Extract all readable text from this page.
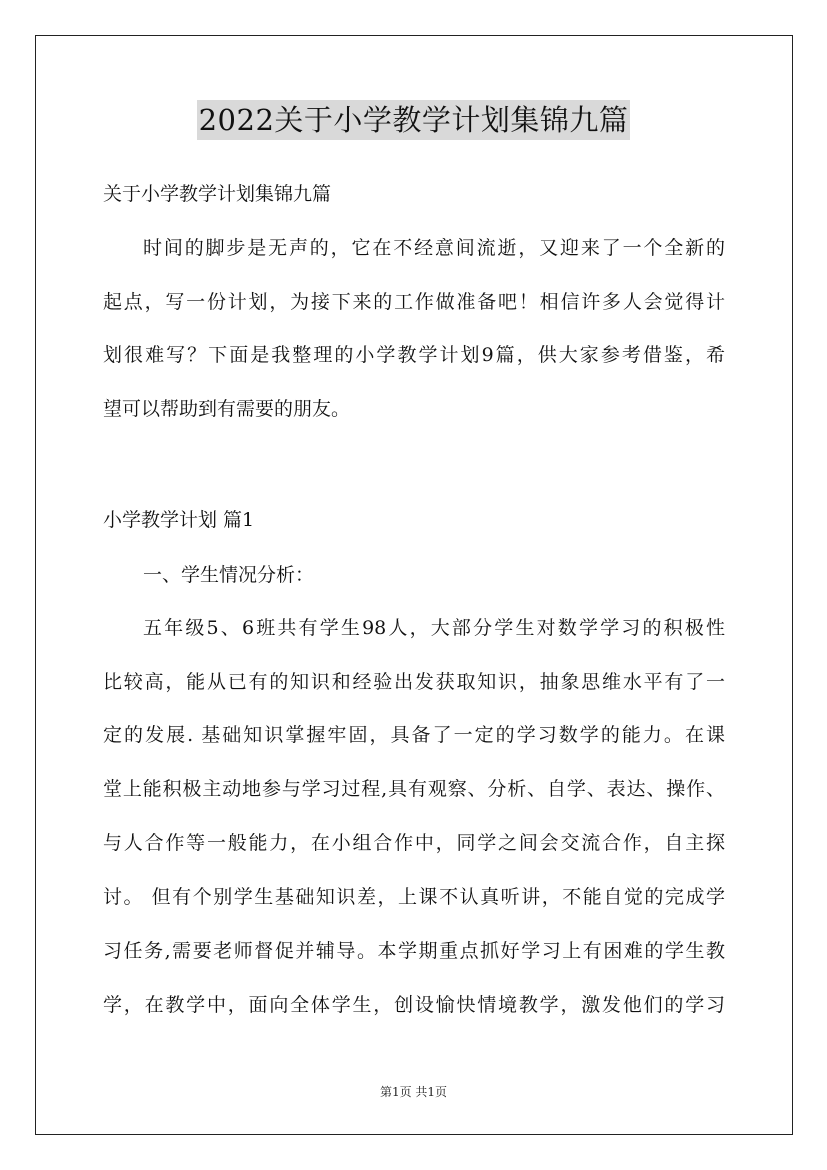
2022关于小学教学计划集锦九篇
关于小学教学计划集锦九篇
时间的脚步是无声的，它在不经意间流逝，又迎来了一个全新的
起点，写一份计划，为接下来的工作做准备吧！相信许多人会觉得计
划很难写？下面是我整理的小学教学计划9篇，供大家参考借鉴，希
望可以帮助到有需要的朋友。
小学教学计划 篇1
一、学生情况分析：
五年级5、6班共有学生98人，大部分学生对数学学习的积极性
比较高，能从已有的知识和经验出发获取知识，抽象思维水平有了一
定的发展. 基础知识掌握牢固，具备了一定的学习数学的能力。在课
堂上能积极主动地参与学习过程,具有观察、分析、自学、表达、操作、
与人合作等一般能力，在小组合作中，同学之间会交流合作，自主探
讨。 但有个别学生基础知识差，上课不认真听讲，不能自觉的完成学
习任务,需要老师督促并辅导。本学期重点抓好学习上有困难的学生教
学，在教学中，面向全体学生，创设愉快情境教学，激发他们的学习
第1页 共1页
